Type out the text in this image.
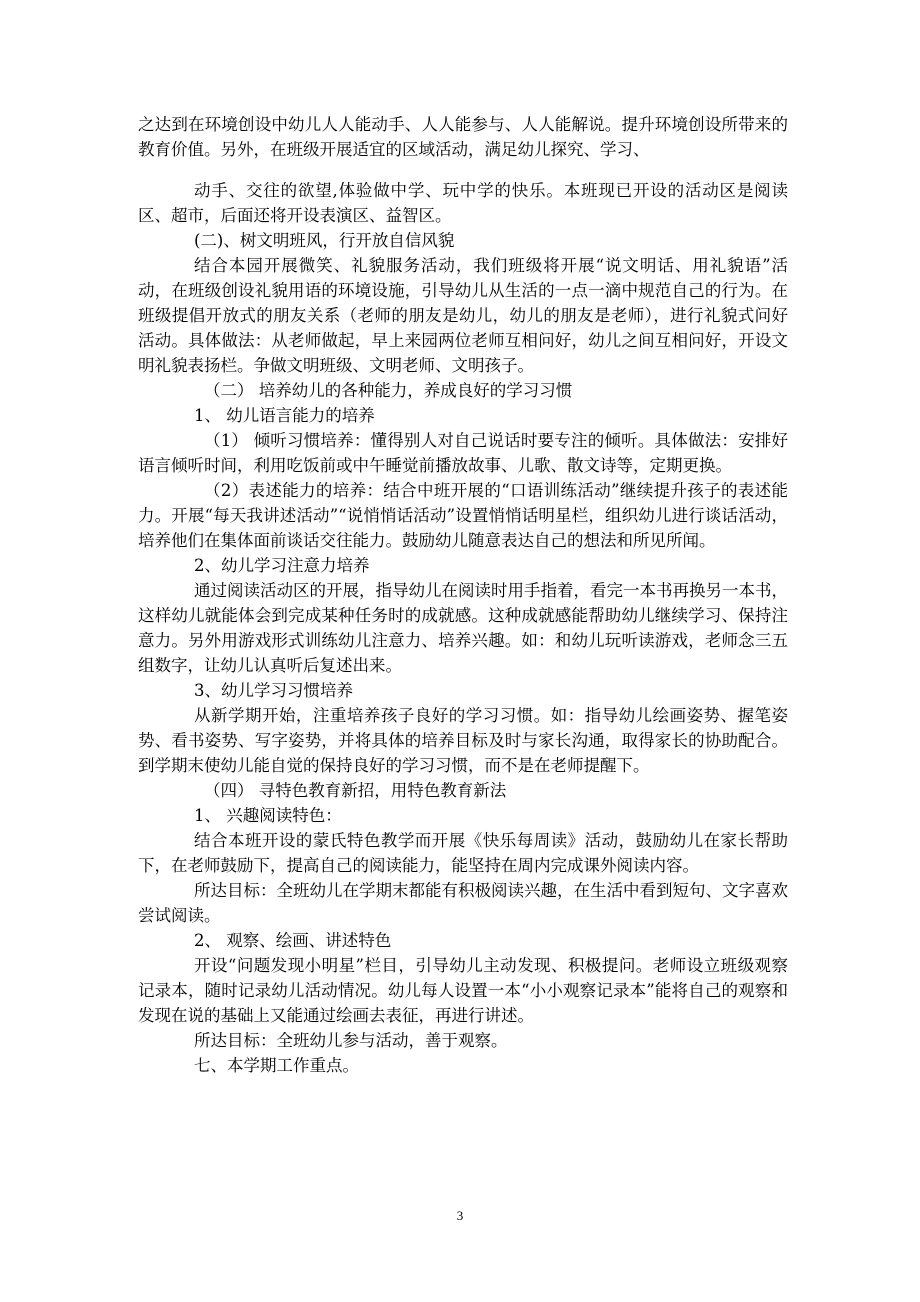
之达到在环境创设中幼儿人人能动手、人人能参与、人人能解说。提升环境创设所带来的教育价值。另外，在班级开展适宜的区域活动，满足幼儿探究、学习、

动手、交往的欲望,体验做中学、玩中学的快乐。本班现已开设的活动区是阅读区、超市，后面还将开设表演区、益智区。

(二)、树文明班风，行开放自信风貌

结合本园开展微笑、礼貌服务活动，我们班级将开展“说文明话、用礼貌语”活动，在班级创设礼貌用语的环境设施，引导幼儿从生活的一点一滴中规范自己的行为。在班级提倡开放式的朋友关系（老师的朋友是幼儿，幼儿的朋友是老师），进行礼貌式问好活动。具体做法：从老师做起，早上来园两位老师互相问好，幼儿之间互相问好，开设文明礼貌表扬栏。争做文明班级、文明老师、文明孩子。

（二） 培养幼儿的各种能力，养成良好的学习习惯

1、 幼儿语言能力的培养

（1） 倾听习惯培养：懂得别人对自己说话时要专注的倾听。具体做法：安排好语言倾听时间，利用吃饭前或中午睡觉前播放故事、儿歌、散文诗等，定期更换。

（2）表述能力的培养：结合中班开展的“口语训练活动”继续提升孩子的表述能力。开展“每天我讲述活动”“说悄悄话活动”设置悄悄话明星栏，组织幼儿进行谈话活动，培养他们在集体面前谈话交往能力。鼓励幼儿随意表达自己的想法和所见所闻。

2、幼儿学习注意力培养

通过阅读活动区的开展，指导幼儿在阅读时用手指着，看完一本书再换另一本书，这样幼儿就能体会到完成某种任务时的成就感。这种成就感能帮助幼儿继续学习、保持注意力。另外用游戏形式训练幼儿注意力、培养兴趣。如：和幼儿玩听读游戏，老师念三五组数字，让幼儿认真听后复述出来。

3、幼儿学习习惯培养

从新学期开始，注重培养孩子良好的学习习惯。如：指导幼儿绘画姿势、握笔姿势、看书姿势、写字姿势，并将具体的培养目标及时与家长沟通，取得家长的协助配合。到学期末使幼儿能自觉的保持良好的学习习惯，而不是在老师提醒下。

（四） 寻特色教育新招，用特色教育新法

1、 兴趣阅读特色：

结合本班开设的蒙氏特色教学而开展《快乐每周读》活动，鼓励幼儿在家长帮助下，在老师鼓励下，提高自己的阅读能力，能坚持在周内完成课外阅读内容。

所达目标：全班幼儿在学期末都能有积极阅读兴趣，在生活中看到短句、文字喜欢尝试阅读。

2、 观察、绘画、讲述特色

开设“问题发现小明星”栏目，引导幼儿主动发现、积极提问。老师设立班级观察记录本，随时记录幼儿活动情况。幼儿每人设置一本“小小观察记录本”能将自己的观察和发现在说的基础上又能通过绘画去表征，再进行讲述。

所达目标：全班幼儿参与活动，善于观察。

七、本学期工作重点。

3
